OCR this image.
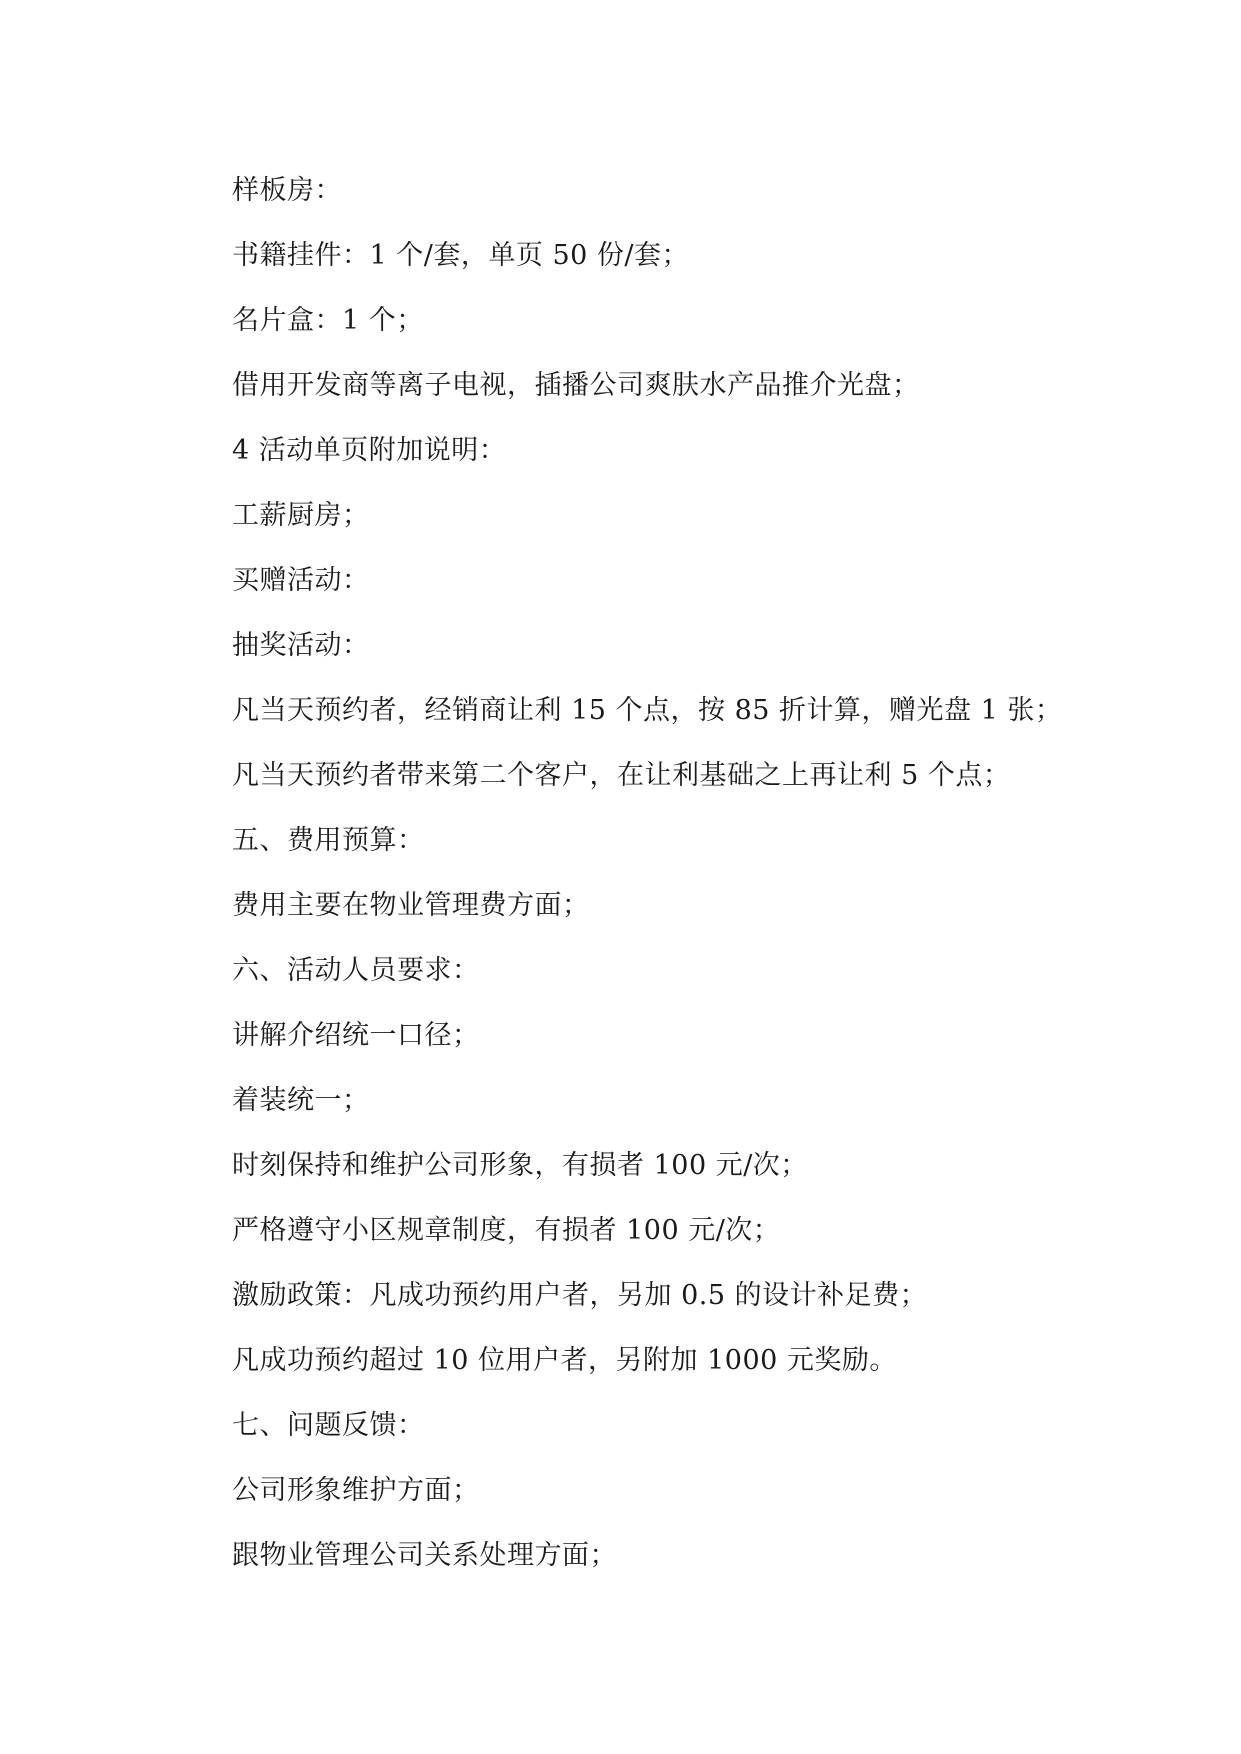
样板房：
书籍挂件：1 个/套，单页 50 份/套；
名片盒：1 个；
借用开发商等离子电视，插播公司爽肤水产品推介光盘；
4 活动单页附加说明：
工薪厨房；
买赠活动：
抽奖活动：
凡当天预约者，经销商让利 15 个点，按 85 折计算，赠光盘 1 张；
凡当天预约者带来第二个客户，在让利基础之上再让利 5 个点；
五、费用预算：
费用主要在物业管理费方面；
六、活动人员要求：
讲解介绍统一口径；
着装统一；
时刻保持和维护公司形象，有损者 100 元/次；
严格遵守小区规章制度，有损者 100 元/次；
激励政策：凡成功预约用户者，另加 0.5 的设计补足费；
凡成功预约超过 10 位用户者，另附加 1000 元奖励。
七、问题反馈：
公司形象维护方面；
跟物业管理公司关系处理方面；
